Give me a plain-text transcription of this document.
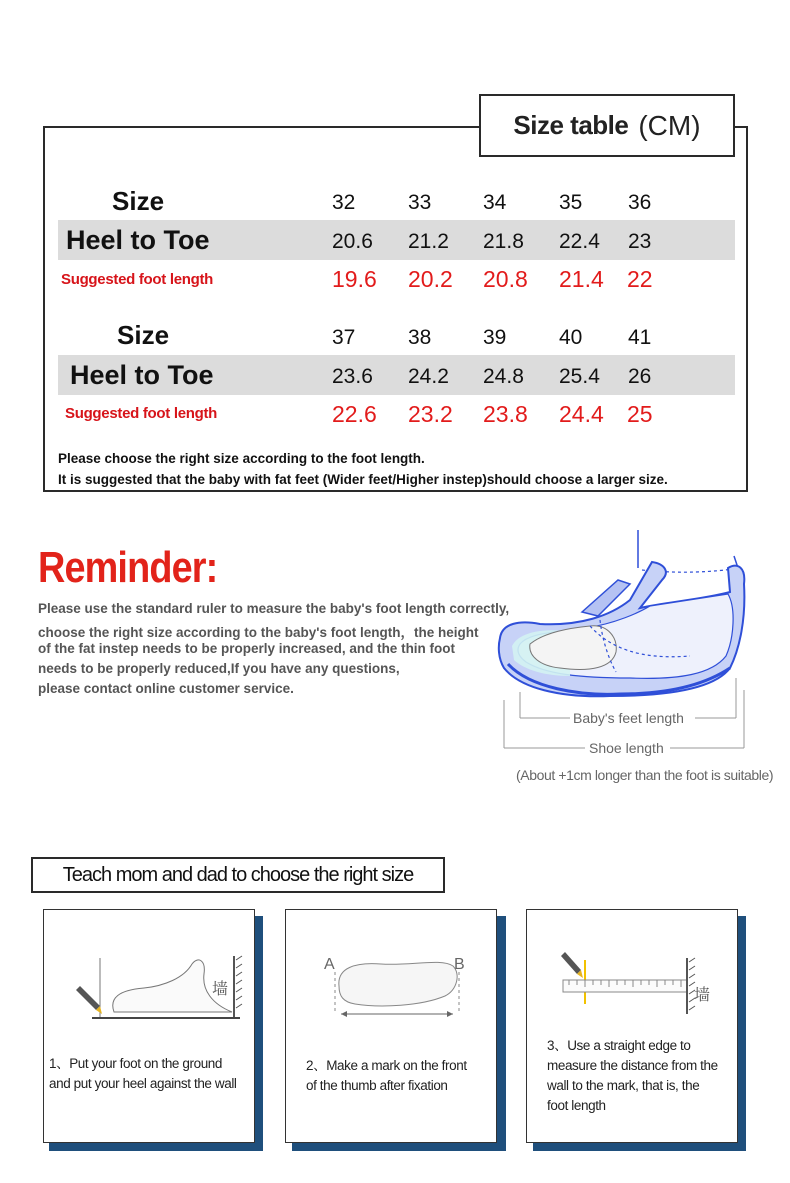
Size table (CM)
Size	32	33 34	35 36
Heel to Toe	20.6 21.2 21.8 22.4 23
Suggested foot length	19.6 20.2 20.8 21.4 22
Size	37	38 39	40 41
Heel to Toe	23.6 24.2 24.8 25.4 26
Suggested foot length	22.6 23.2 23.8 24.4 25
Please choose the right size according to the foot length.
It is suggested that the baby with fat feet (Wider feet/Higher instep)should choose a larger size.
Reminder:
Please use the standard ruler to measure the baby's foot length correctly,
choose the right size according to the baby's foot length，the height
of the fat instep needs to be properly increased, and the thin foot
needs to be properly reduced,If you have any questions,
please contact online customer service.
Baby's feet length
Shoe length
(About +1cm longer than the foot is suitable)
Teach mom and dad to choose the right size
墙
1、Put your foot on the ground
and put your heel against the wall
A	B
2、Make a mark on the front
of the thumb after fixation
墙
3、Use a straight edge to
measure the distance from the
wall to the mark, that is, the
foot length
